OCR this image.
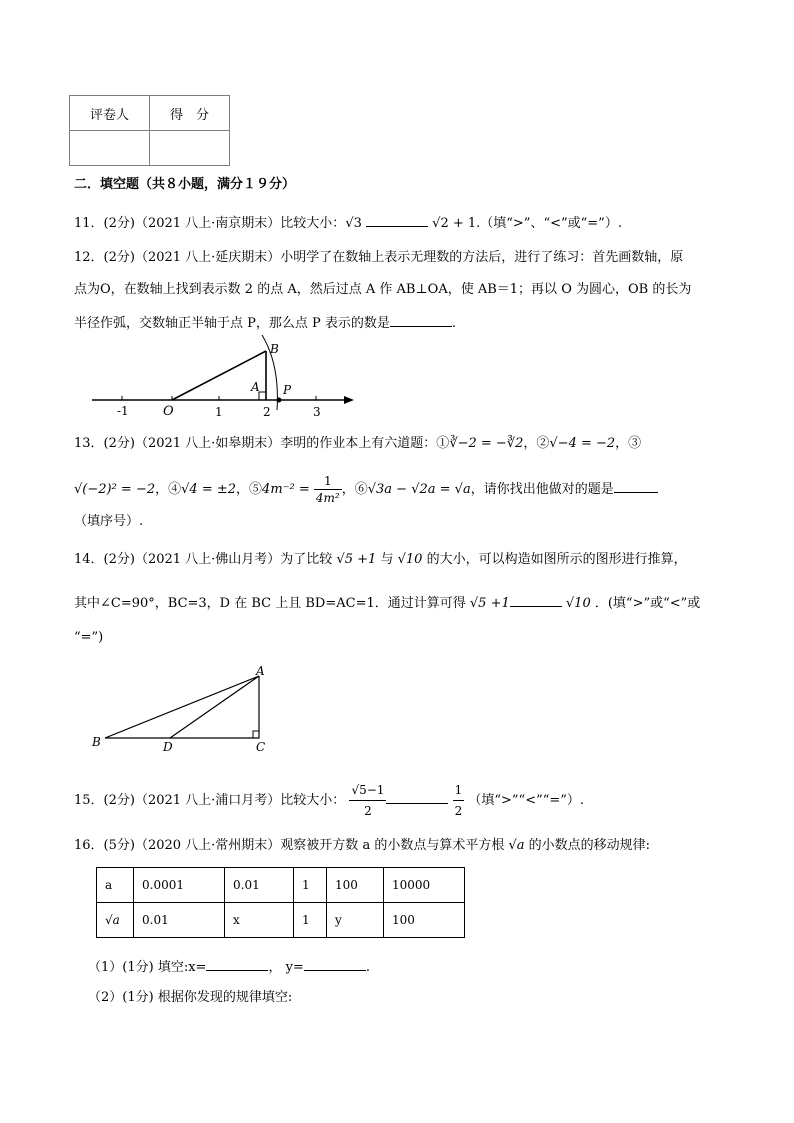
评卷人	得　分

二．填空题（共８小题，满分１９分）
11．(2分)（2021 八上·南京期末）比较大小：√3	√2 + 1.（填“>”、“<”或“=”）.
12．(2分)（2021 八上·延庆期末）小明学了在数轴上表示无理数的方法后，进行了练习：首先画数轴，原
点为O，在数轴上找到表示数 2 的点 A，然后过点 A 作 AB⊥OA，使 AB＝1；再以 O 为圆心，OB 的长为
半径作弧，交数轴正半轴于点 P，那么点 P 表示的数是	.
-1	O	1	2	3
A
B
P
13．(2分)（2021 八上·如皋期末）李明的作业本上有六道题：①∛−2 = −∛2，②√−4 = −2，③
√(−2)² = −2，④√4 = ±2，⑤4m⁻² = $\frac{1}{\text{4m²}}$ ，⑥√3a − √2a = √a，请你找出他做对的题是
（填序号）.
14．(2分)（2021 八上·佛山月考）为了比较 √5 +1 与 √10 的大小，可以构造如图所示的图形进行推算，
其中∠C=90°，BC=3，D 在 BC 上且 BD=AC=1．通过计算可得 √5 +1	√10 ．(填“>”或“<”或
“=”)
A
B	C
D
15．(2分)（2021 八上·浦口月考）比较大小： $\frac{√5-1}{2}$
	$\frac{1}{2}$ （填“>”“<”“=”）.
16．(5分)（2020 八上·常州期末）观察被开方数 a 的小数点与算术平方根 √a 的小数点的移动规律:
a	0.0001	0.01	1	100	10000
√a	0.01	x	1	y	100
（1）(1分) 填空:x=	， y=	.
（2）(1分) 根据你发现的规律填空:
